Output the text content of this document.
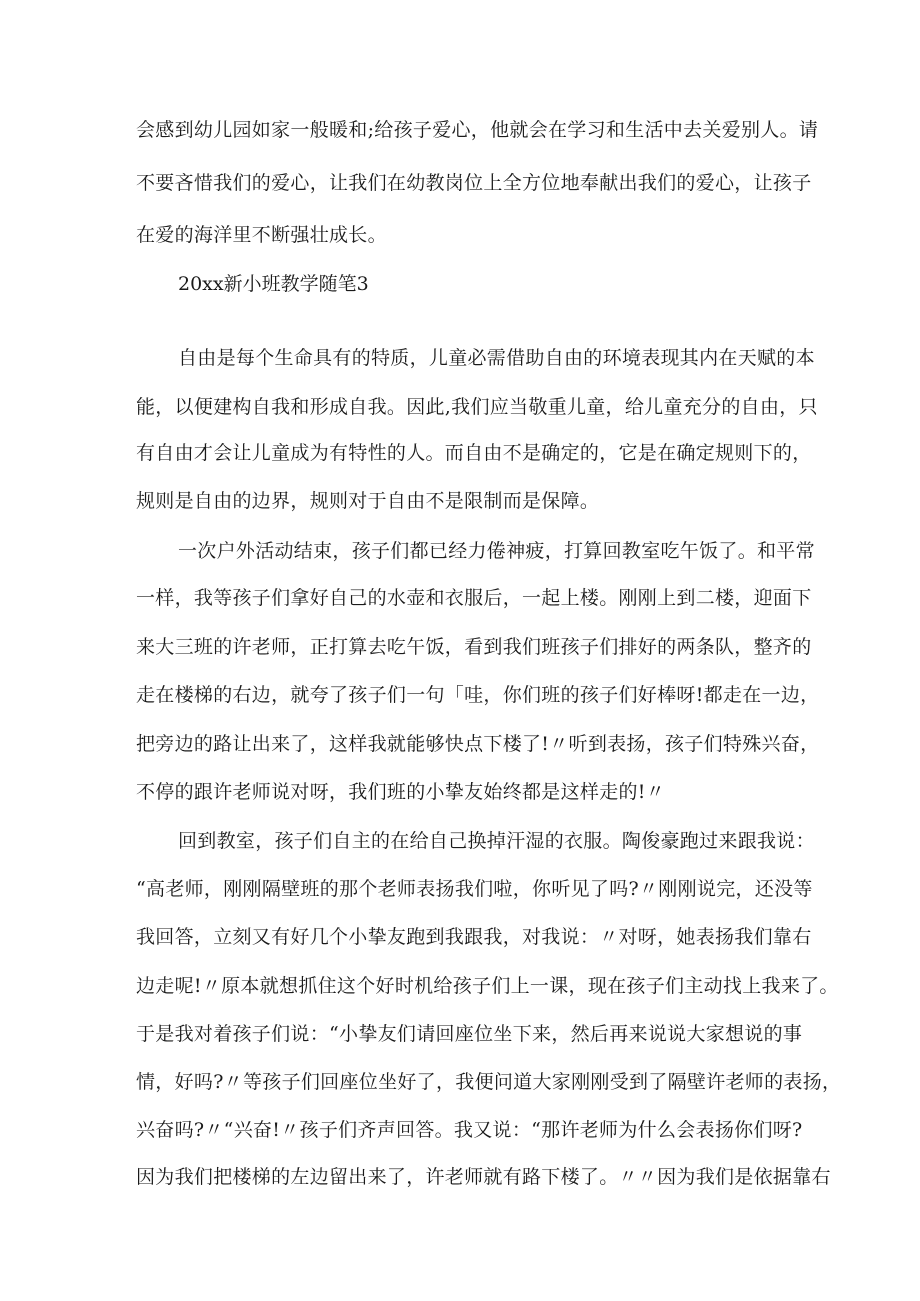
会感到幼儿园如家一般暖和;给孩子爱心，他就会在学习和生活中去关爱别人。请
不要吝惜我们的爱心，让我们在幼教岗位上全方位地奉献出我们的爱心，让孩子
在爱的海洋里不断强壮成长。
20xx新小班教学随笔3
自由是每个生命具有的特质，儿童必需借助自由的环境表现其内在天赋的本
能，以便建构自我和形成自我。因此,我们应当敬重儿童，给儿童充分的自由，只
有自由才会让儿童成为有特性的人。而自由不是确定的，它是在确定规则下的，
规则是自由的边界，规则对于自由不是限制而是保障。
一次户外活动结束，孩子们都已经力倦神疲，打算回教室吃午饭了。和平常
一样，我等孩子们拿好自己的水壶和衣服后，一起上楼。刚刚上到二楼，迎面下
来大三班的许老师，正打算去吃午饭，看到我们班孩子们排好的两条队，整齐的
走在楼梯的右边，就夸了孩子们一句「哇，你们班的孩子们好棒呀!都走在一边，
把旁边的路让出来了，这样我就能够快点下楼了!〃听到表扬，孩子们特殊兴奋，
不停的跟许老师说对呀，我们班的小挚友始终都是这样走的!〃
回到教室，孩子们自主的在给自己换掉汗湿的衣服。陶俊豪跑过来跟我说：
“高老师，刚刚隔壁班的那个老师表扬我们啦，你听见了吗?〃刚刚说完，还没等
我回答，立刻又有好几个小挚友跑到我跟我，对我说：〃对呀，她表扬我们靠右
边走呢!〃原本就想抓住这个好时机给孩子们上一课，现在孩子们主动找上我来了。
于是我对着孩子们说：“小挚友们请回座位坐下来，然后再来说说大家想说的事
情，好吗?〃等孩子们回座位坐好了，我便问道大家刚刚受到了隔壁许老师的表扬，
兴奋吗?〃“兴奋!〃孩子们齐声回答。我又说：“那许老师为什么会表扬你们呀?
因为我们把楼梯的左边留出来了，许老师就有路下楼了。〃〃因为我们是依据靠右
